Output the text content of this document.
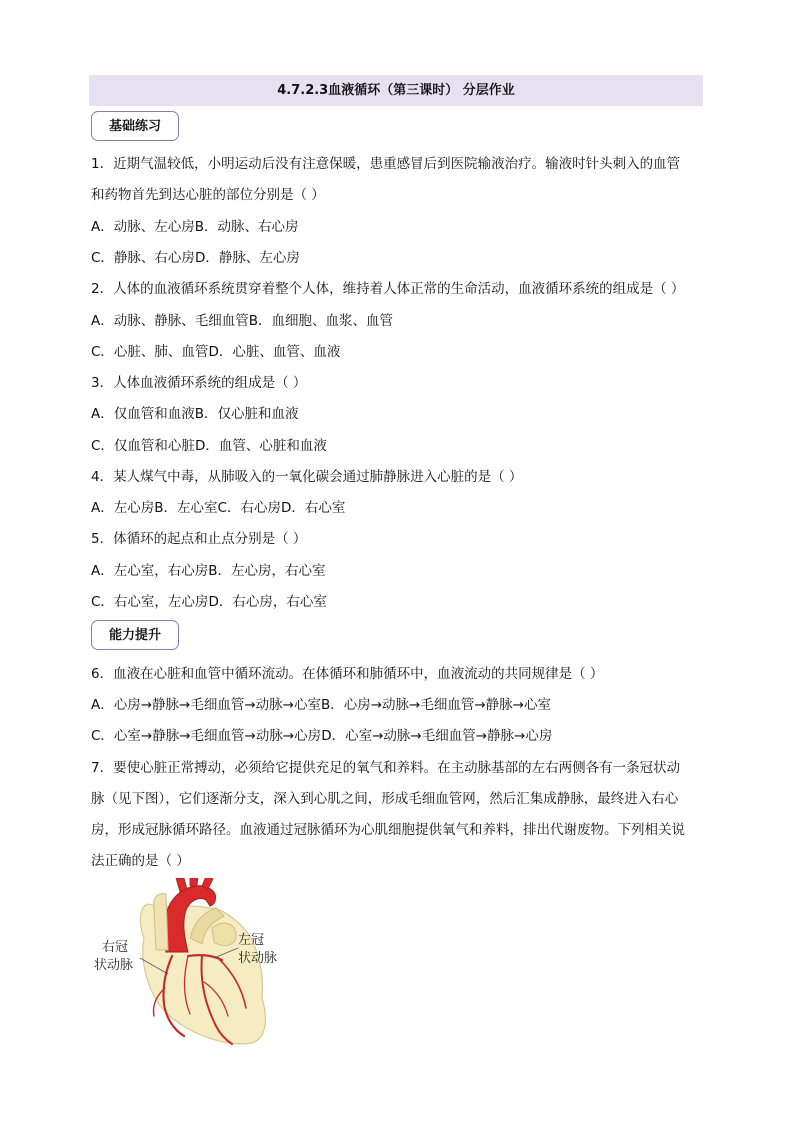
4.7.2.3血液循环（第三课时） 分层作业
基础练习
1．近期气温较低，小明运动后没有注意保暖，患重感冒后到医院输液治疗。输液时针头刺入的血管
和药物首先到达心脏的部位分别是（ ）
A．动脉、左心房B．动脉、右心房
C．静脉、右心房D．静脉、左心房
2．人体的血液循环系统贯穿着整个人体，维持着人体正常的生命活动，血液循环系统的组成是（ ）
A．动脉、静脉、毛细血管B．血细胞、血浆、血管
C．心脏、肺、血管D．心脏、血管、血液
3．人体血液循环系统的组成是（ ）
A．仅血管和血液B．仅心脏和血液
C．仅血管和心脏D．血管、心脏和血液
4．某人煤气中毒，从肺吸入的一氧化碳会通过肺静脉进入心脏的是（ ）
A．左心房B．左心室C．右心房D．右心室
5．体循环的起点和止点分别是（ ）
A．左心室，右心房B．左心房，右心室
C．右心室，左心房D．右心房，右心室
能力提升
6．血液在心脏和血管中循环流动。在体循环和肺循环中，血液流动的共同规律是（ ）
A．心房→静脉→毛细血管→动脉→心室B．心房→动脉→毛细血管→静脉→心室
C．心室→静脉→毛细血管→动脉→心房D．心室→动脉→毛细血管→静脉→心房
7．要使心脏正常搏动，必须给它提供充足的氧气和养料。在主动脉基部的左右两侧各有一条冠状动
脉（见下图），它们逐渐分支，深入到心肌之间，形成毛细血管网，然后汇集成静脉，最终进入右心
房，形成冠脉循环路径。血液通过冠脉循环为心肌细胞提供氧气和养料，排出代谢废物。下列相关说
法正确的是（ ）
右冠
状动脉
左冠
状动脉
